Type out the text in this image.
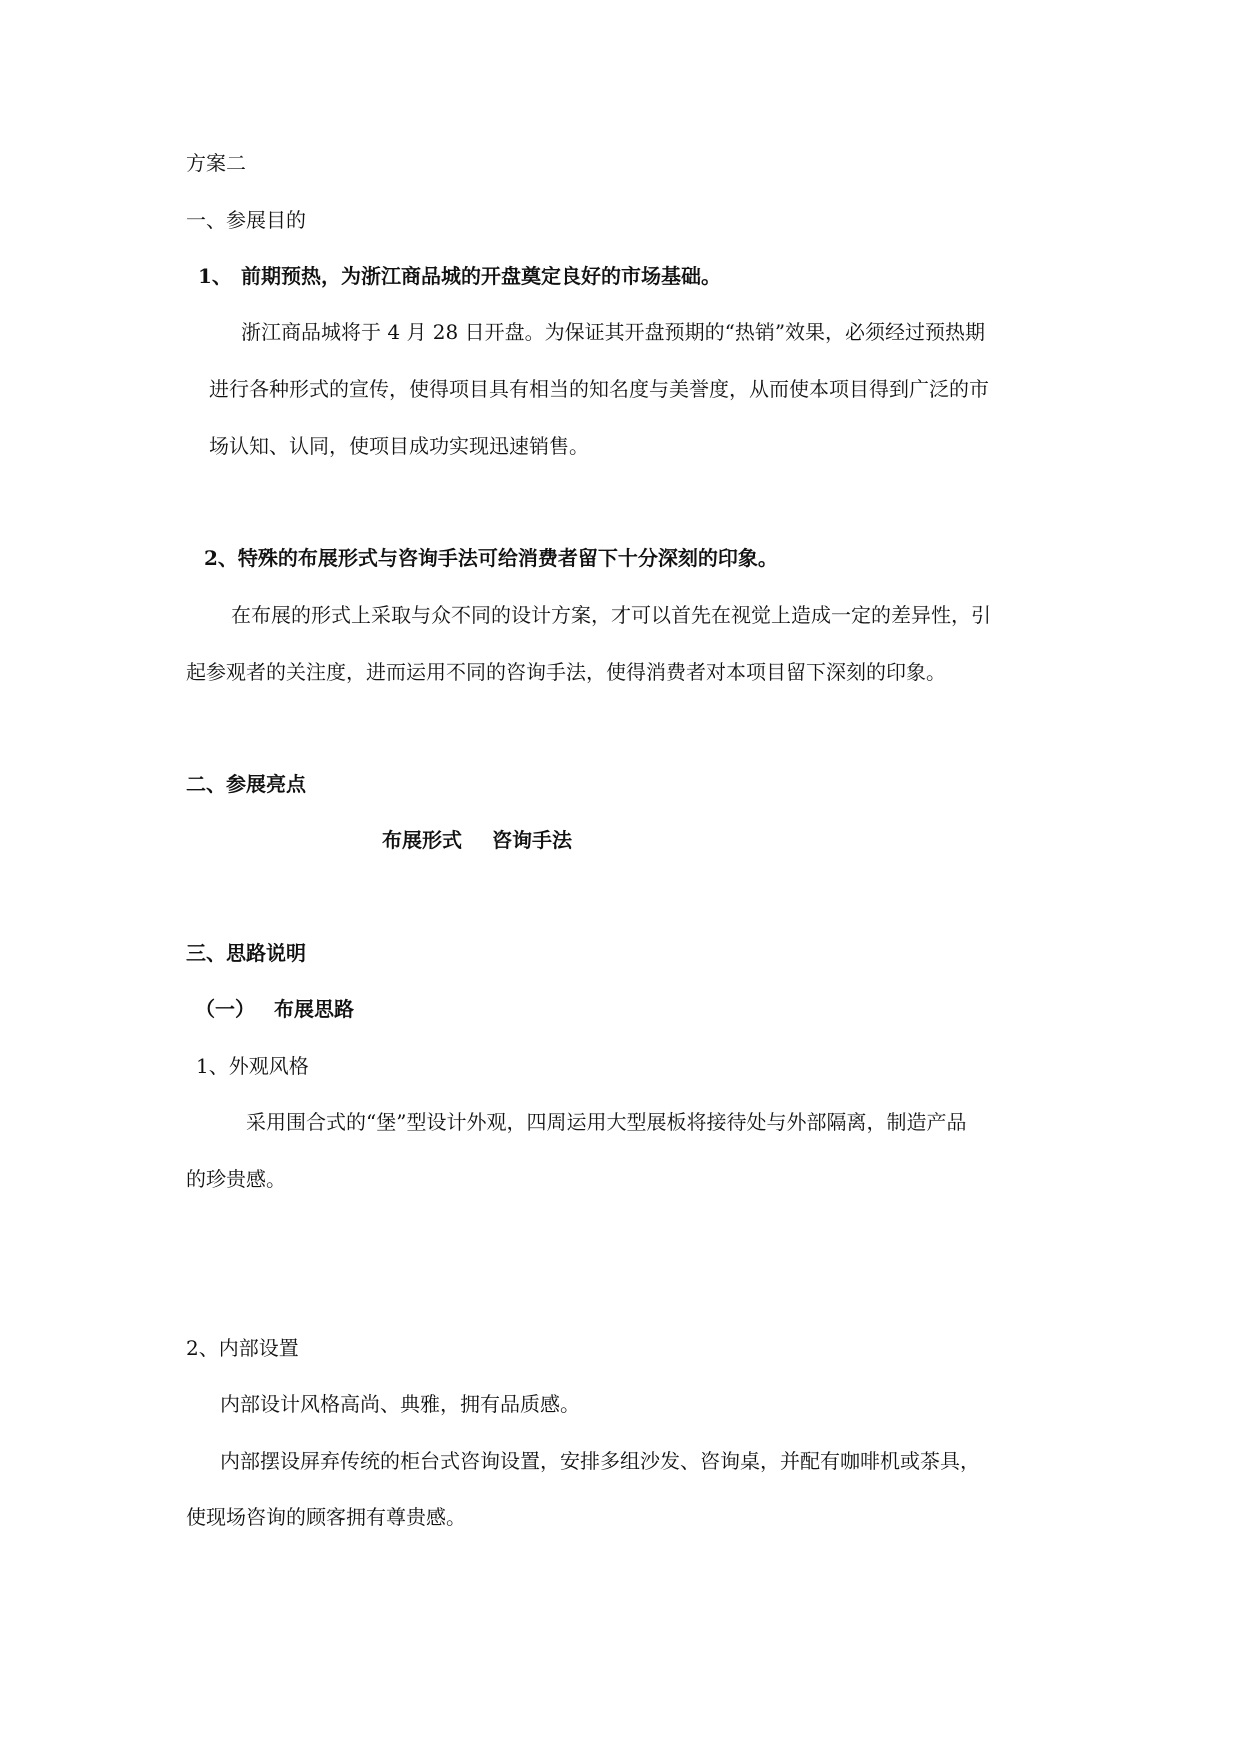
方案二
一、参展目的
1、 前期预热，为浙江商品城的开盘奠定良好的市场基础。
浙江商品城将于 4 月 28 日开盘。为保证其开盘预期的“热销”效果，必须经过预热期
进行各种形式的宣传，使得项目具有相当的知名度与美誉度，从而使本项目得到广泛的市
场认知、认同，使项目成功实现迅速销售。
2、特殊的布展形式与咨询手法可给消费者留下十分深刻的印象。
在布展的形式上采取与众不同的设计方案，才可以首先在视觉上造成一定的差异性，引
起参观者的关注度，进而运用不同的咨询手法，使得消费者对本项目留下深刻的印象。
二、参展亮点
布展形式 咨询手法
三、思路说明
（一） 布展思路
1、外观风格
采用围合式的“堡”型设计外观，四周运用大型展板将接待处与外部隔离，制造产品
的珍贵感。
2、内部设置
内部设计风格高尚、典雅，拥有品质感。
内部摆设屏弃传统的柜台式咨询设置，安排多组沙发、咨询桌，并配有咖啡机或茶具，
使现场咨询的顾客拥有尊贵感。
